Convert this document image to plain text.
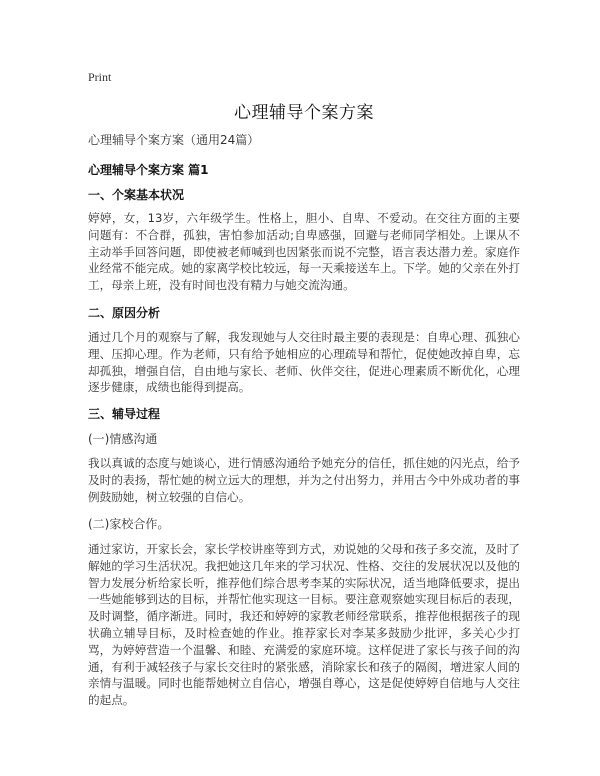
Print
心理辅导个案方案
心理辅导个案方案（通用24篇）
心理辅导个案方案 篇1
一、个案基本状况
婷婷，女，13岁，六年级学生。性格上，胆小、自卑、不爱动。在交往方面的主要问题有：不合群，孤独，害怕参加活动;自卑感强，回避与老师同学相处。上课从不主动举手回答问题，即使被老师喊到也因紧张而说不完整，语言表达潜力差。家庭作业经常不能完成。她的家离学校比较远，每一天乘接送车上。下学。她的父亲在外打工，母亲上班，没有时间也没有精力与她交流沟通。
二、原因分析
通过几个月的观察与了解，我发现她与人交往时最主要的表现是：自卑心理、孤独心理、压抑心理。作为老师，只有给予她相应的心理疏导和帮忙，促使她改掉自卑，忘却孤独，增强自信，自由地与家长、老师、伙伴交往，促进心理素质不断优化，心理逐步健康，成绩也能得到提高。
三、辅导过程
(一)情感沟通
我以真诚的态度与她谈心，进行情感沟通给予她充分的信任，抓住她的闪光点，给予及时的表扬，帮忙她的树立远大的理想，并为之付出努力，并用古今中外成功者的事例鼓励她，树立较强的自信心。
(二)家校合作。
通过家访，开家长会，家长学校讲座等到方式，劝说她的父母和孩子多交流，及时了解她的学习生活状况。我把她这几年来的学习状况、性格、交往的发展状况以及他的智力发展分析给家长听，推荐他们综合思考李某的实际状况，适当地降低要求，提出一些她能够到达的目标，并帮忙他实现这一目标。要注意观察她实现目标后的表现，及时调整，循序渐进。同时，我还和婷婷的家教老师经常联系，推荐他根据孩子的现状确立辅导目标，及时检查她的作业。推荐家长对李某多鼓励少批评，多关心少打骂，为婷婷营造一个温馨、和睦、充满爱的家庭环境。这样促进了家长与孩子间的沟通，有利于减轻孩子与家长交往时的紧张感，消除家长和孩子的隔阂，增进家人间的亲情与温暖。同时也能帮她树立自信心，增强自尊心，这是促使婷婷自信地与人交往的起点。
